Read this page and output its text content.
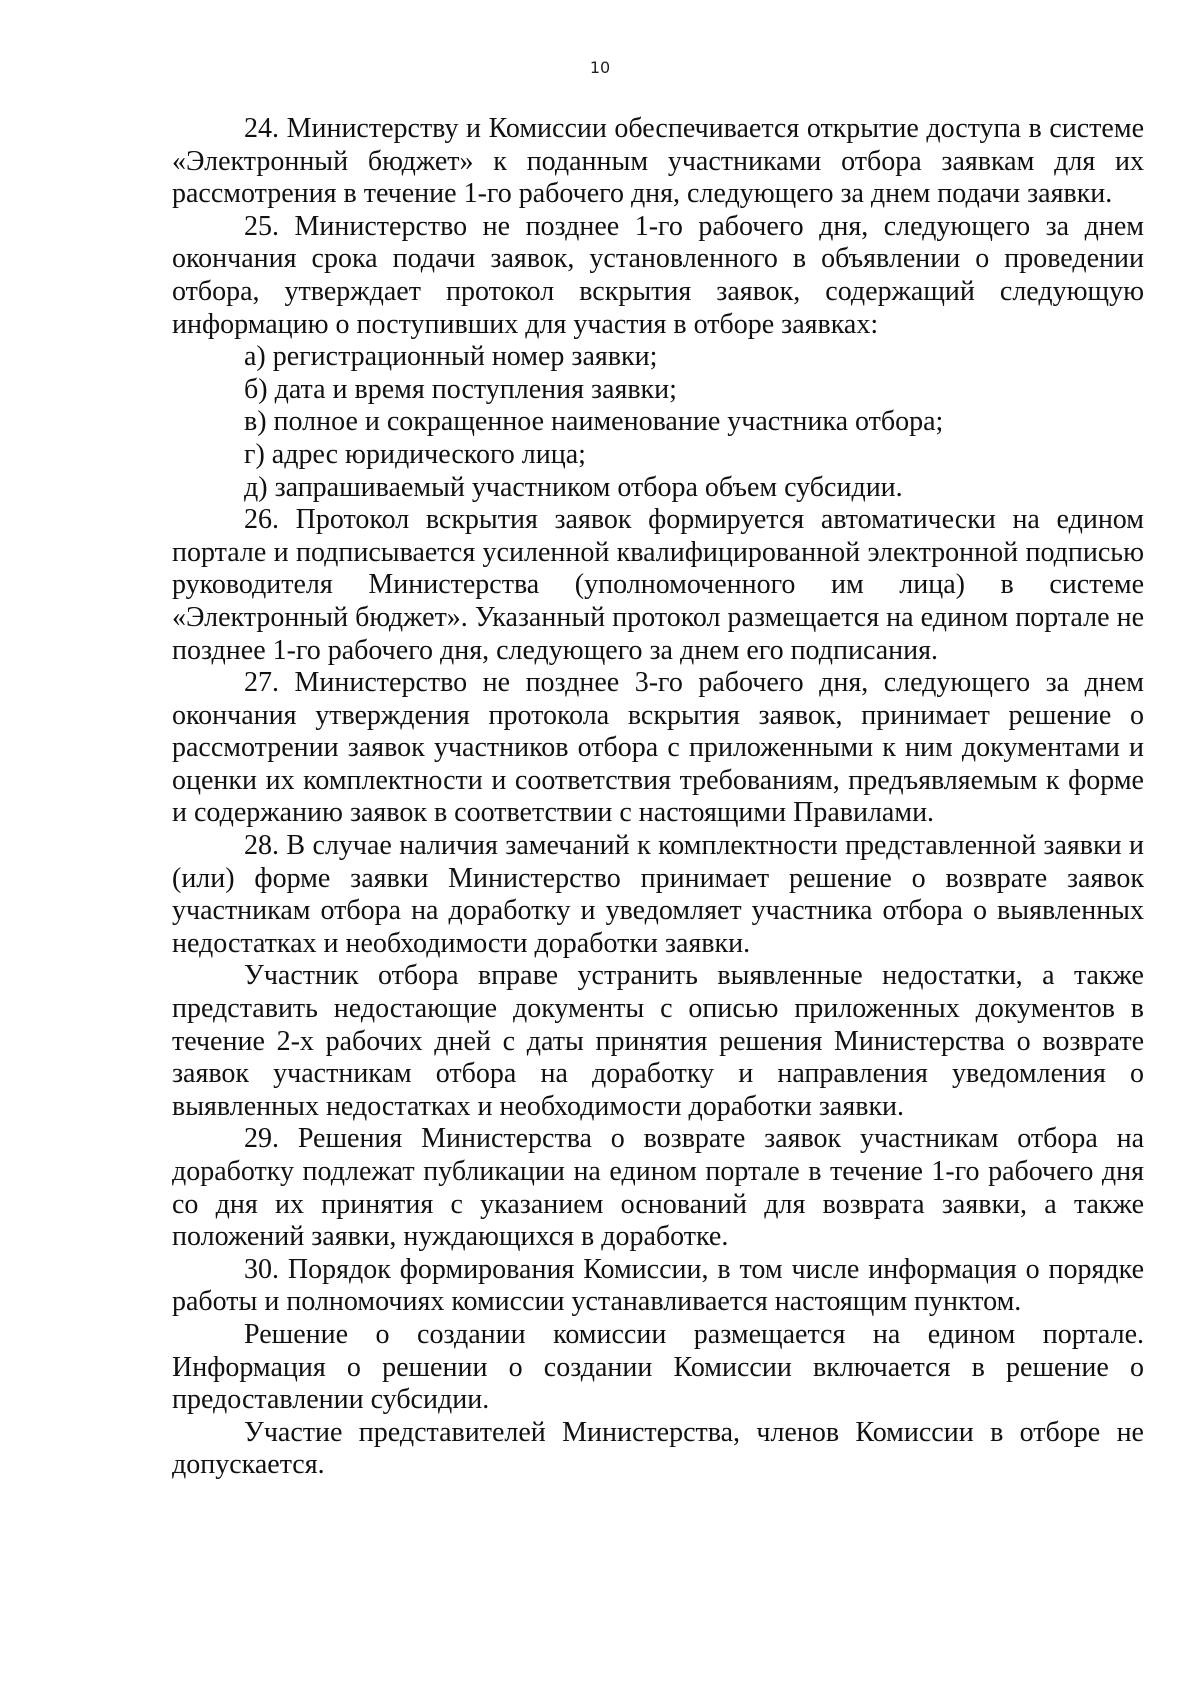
10

24. Министерству и Комиссии обеспечивается открытие доступа в системе «Электронный бюджет» к поданным участниками отбора заявкам для их рассмотрения в течение 1-го рабочего дня, следующего за днем подачи заявки.

25. Министерство не позднее 1-го рабочего дня, следующего за днем окончания срока подачи заявок, установленного в объявлении о проведении отбора, утверждает протокол вскрытия заявок, содержащий следующую информацию о поступивших для участия в отборе заявках:

а) регистрационный номер заявки;

б) дата и время поступления заявки;

в) полное и сокращенное наименование участника отбора;

г) адрес юридического лица;

д) запрашиваемый участником отбора объем субсидии.

26. Протокол вскрытия заявок формируется автоматически на едином портале и подписывается усиленной квалифицированной электронной подписью руководителя Министерства (уполномоченного им лица) в системе «Электронный бюджет». Указанный протокол размещается на едином портале не позднее 1-го рабочего дня, следующего за днем его подписания.

27. Министерство не позднее 3-го рабочего дня, следующего за днем окончания утверждения протокола вскрытия заявок, принимает решение о рассмотрении заявок участников отбора с приложенными к ним документами и оценки их комплектности и соответствия требованиям, предъявляемым к форме и содержанию заявок в соответствии с настоящими Правилами.

28. В случае наличия замечаний к комплектности представленной заявки и (или) форме заявки Министерство принимает решение о возврате заявок участникам отбора на доработку и уведомляет участника отбора о выявленных недостатках и необходимости доработки заявки.

Участник отбора вправе устранить выявленные недостатки, а также представить недостающие документы с описью приложенных документов в течение 2-х рабочих дней с даты принятия решения Министерства о возврате заявок участникам отбора на доработку и направления уведомления о выявленных недостатках и необходимости доработки заявки.

29. Решения Министерства о возврате заявок участникам отбора на доработку подлежат публикации на едином портале в течение 1-го рабочего дня со дня их принятия с указанием оснований для возврата заявки, а также положений заявки, нуждающихся в доработке.

30. Порядок формирования Комиссии, в том числе информация о порядке работы и полномочиях комиссии устанавливается настоящим пунктом.

Решение о создании комиссии размещается на едином портале. Информация о решении о создании Комиссии включается в решение о предоставлении субсидии.

Участие представителей Министерства, членов Комиссии в отборе не допускается.
